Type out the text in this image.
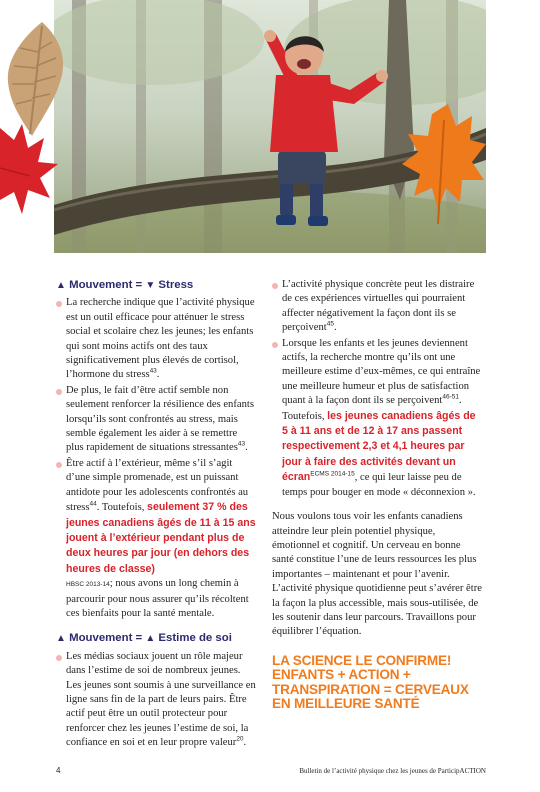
▲ Mouvement = ▼ Stress

La recherche indique que l’activité physique est un outil efficace pour atténuer le stress social et scolaire chez les jeunes; les enfants qui sont moins actifs ont des taux significativement plus élevés de cortisol, l’hormone du stress$^{43}$.

De plus, le fait d’être actif semble non seulement renforcer la résilience des enfants lorsqu’ils sont confrontés au stress, mais semble également les aider à se remettre plus rapidement de situations stressantes$^{43}$.

Être actif à l’extérieur, même s’il s’agit d’une simple promenade, est un puissant antidote pour les adolescents confrontés au stress$^{44}$. Toutefois, seulement 37 % des jeunes canadiens âgés de 11 à 15 ans jouent à l’extérieur pendant plus de deux heures par jour (en dehors des heures de classe)
HBSC 2013-14; nous avons un long chemin à parcourir pour nous assurer qu’ils récoltent ces bienfaits pour la santé mentale.

▲ Mouvement = ▲ Estime de soi

Les médias sociaux jouent un rôle majeur dans l’estime de soi de nombreux jeunes. Les jeunes sont soumis à une surveillance en ligne sans fin de la part de leurs pairs. Être actif peut être un outil protecteur pour renforcer chez les jeunes l’estime de soi, la confiance en soi et en leur propre valeur$^{20}$.

L’activité physique concrète peut les distraire de ces expériences virtuelles qui pourraient affecter négativement la façon dont ils se perçoivent$^{45}$.

Lorsque les enfants et les jeunes deviennent actifs, la recherche montre qu’ils ont une meilleure estime d’eux-mêmes, ce qui entraîne une meilleure humeur et plus de satisfaction quant à la façon dont ils se perçoivent$^{46-51}$. Toutefois, les jeunes canadiens âgés de 5 à 11 ans et de 12 à 17 ans passent respectivement 2,3 et 4,1 heures par jour à faire des activités devant un écran$^{ECMS 2014-15}$, ce qui leur laisse peu de temps pour bouger en mode « déconnexion ».

Nous voulons tous voir les enfants canadiens atteindre leur plein potentiel physique, émotionnel et cognitif. Un cerveau en bonne santé constitue l’une de leurs ressources les plus importantes – maintenant et pour l’avenir. L’activité physique quotidienne peut s’avérer être la façon la plus accessible, mais sous-utilisée, de les soutenir dans leur parcours. Travaillons pour équilibrer l’équation.

LA SCIENCE LE CONFIRME!
ENFANTS + ACTION +
TRANSPIRATION = CERVEAUX
EN MEILLEURE SANTÉ
4	Bulletin de l’activité physique chez les jeunes de ParticipACTION
